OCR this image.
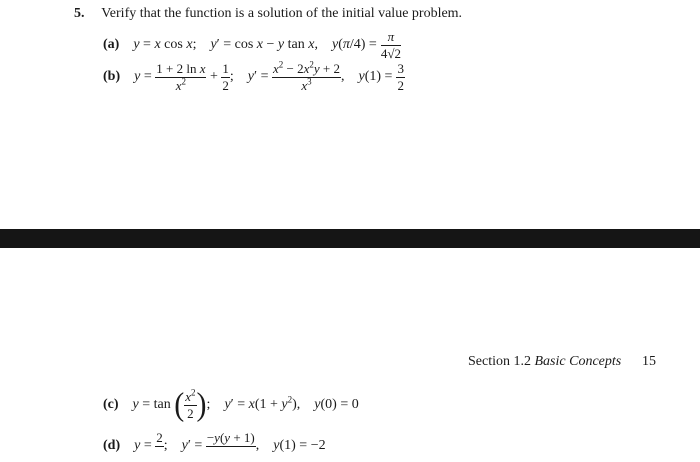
5. Verify that the function is a solution of the initial value problem.
(a) y = x cos x; y′ = cos x − y tan x, $y(\pi/4) = \frac{\pi}{4√2}$
(b) $y = \frac{\text{1 + 2 ln x}}{x^2} + \frac{1}{2}$ ; y ′ = $\frac{x^2 - 2x^2y + 2}{x^3}$ , $y(1) = \frac{3}{2}$
Section 1.2 Basic Concepts 15
(c) y = tan ( $\frac{x^2}{2}$ ) ; $y' = x(1 + y^2)$, y(0) = 0
(d) y =
2

; y ′ =
−y(y + 1)

, y(1) = −2
